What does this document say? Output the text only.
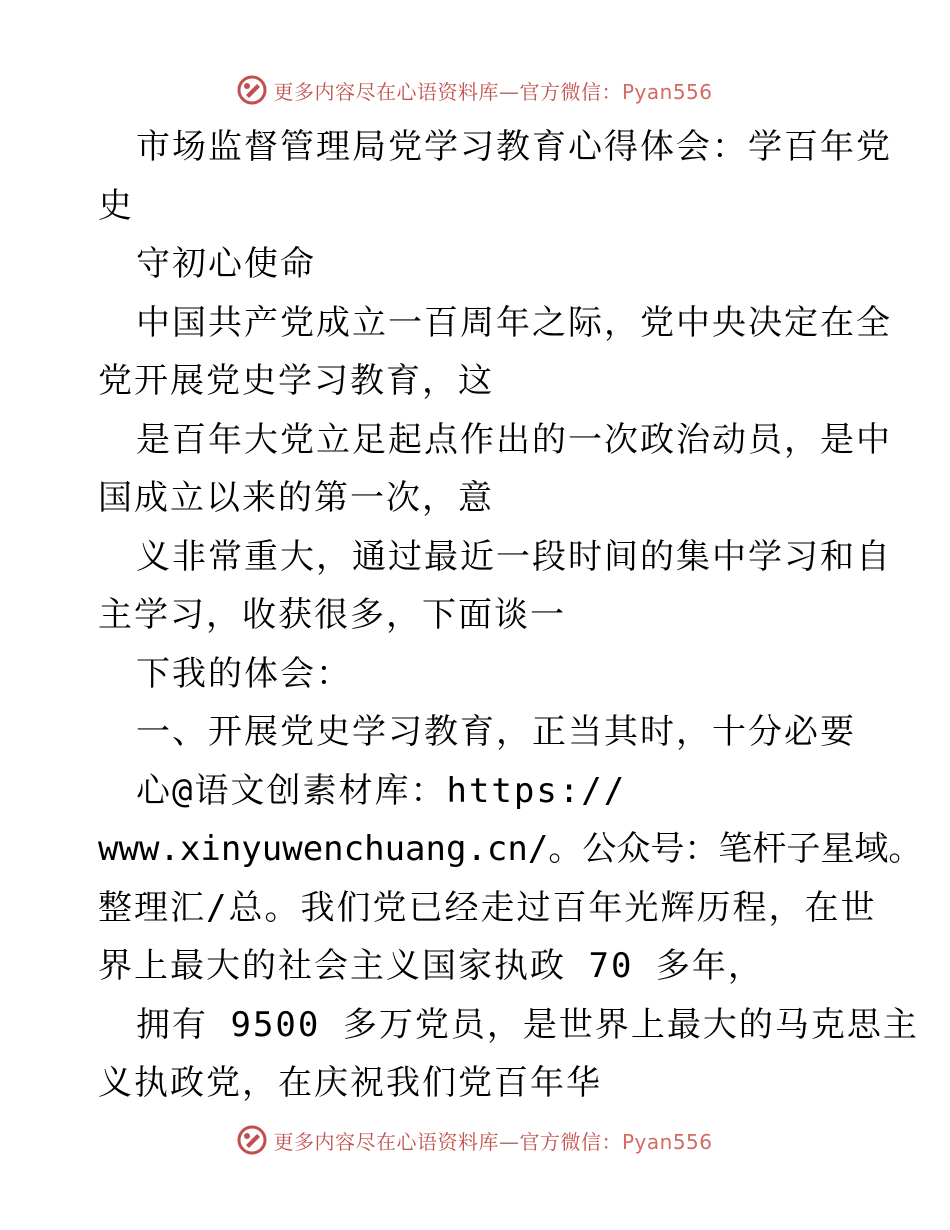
更多内容尽在心语资料库—官方微信：Pyan556
市场监督管理局党学习教育心得体会：学百年党
史
守初心使命
中国共产党成立一百周年之际，党中央决定在全
党开展党史学习教育，这
是百年大党立足起点作出的一次政治动员，是中
国成立以来的第一次，意
义非常重大，通过最近一段时间的集中学习和自
主学习，收获很多，下面谈一
下我的体会：
一、开展党史学习教育，正当其时，十分必要
心@语文创素材库：https://
www.xinyuwenchuang.cn/。公众号：笔杆子星域。
整理汇/总。我们党已经走过百年光辉历程，在世
界上最大的社会主义国家执政 70 多年，
拥有 9500 多万党员，是世界上最大的马克思主
义执政党，在庆祝我们党百年华
更多内容尽在心语资料库—官方微信：Pyan556
